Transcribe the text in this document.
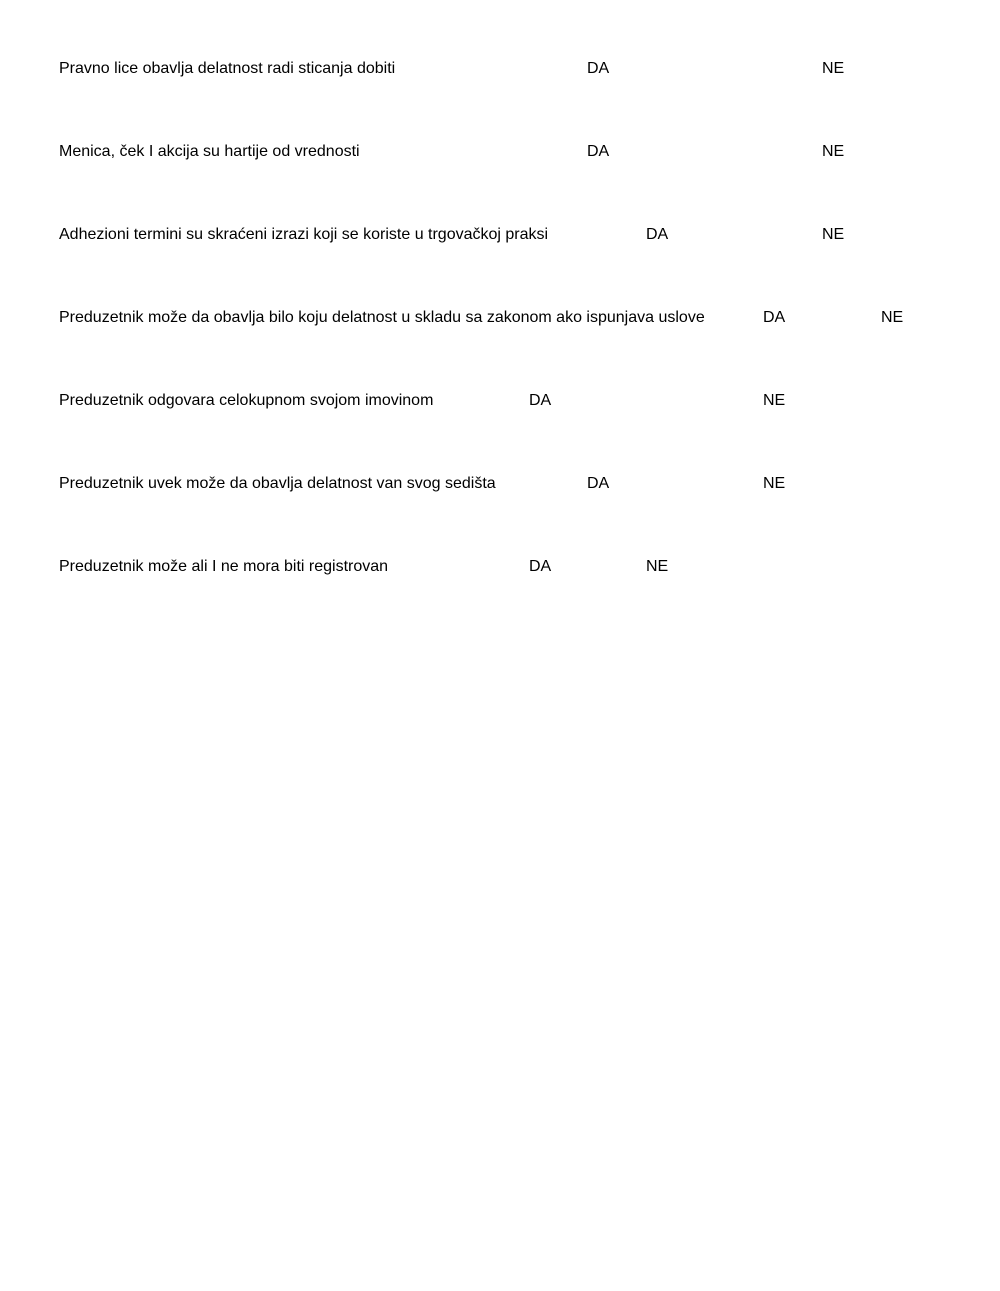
Pravno lice obavlja delatnost radi sticanja dobiti	DA	NE
Menica, ček I akcija su hartije od vrednosti	DA	NE
Adhezioni termini su skraćeni izrazi koji se koriste u trgovačkoj praksi	DA	NE
Preduzetnik može da obavlja bilo koju delatnost u skladu sa zakonom ako ispunjava uslove	DA	NE
Preduzetnik odgovara celokupnom svojom imovinom	DA	NE
Preduzetnik uvek može da obavlja delatnost van svog sedišta	DA	NE
Preduzetnik može ali I ne mora biti registrovan	DA	NE
